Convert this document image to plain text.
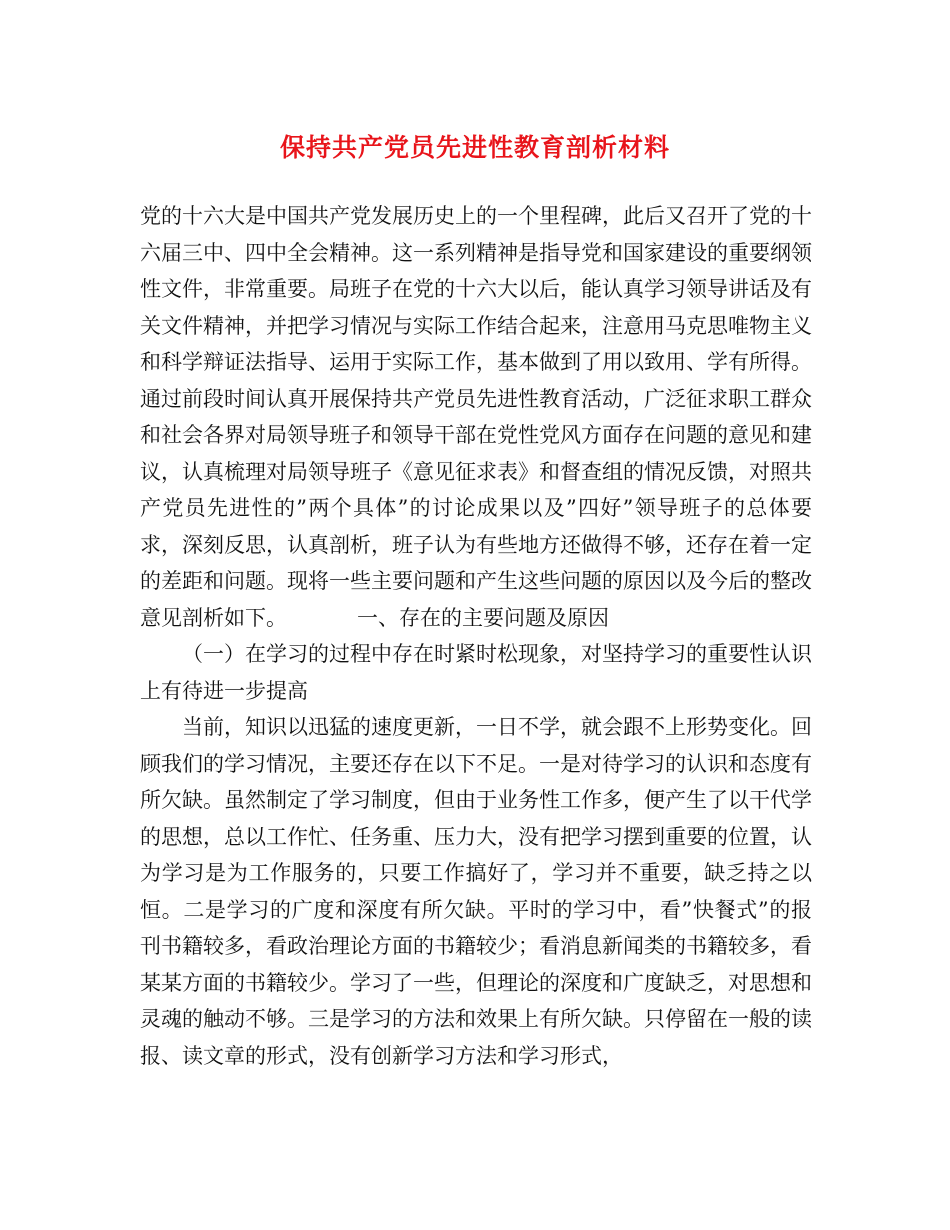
保持共产党员先进性教育剖析材料

党的十六大是中国共产党发展历史上的一个里程碑，此后又召开了党的十六届三中、四中全会精神。这一系列精神是指导党和国家建设的重要纲领性文件，非常重要。局班子在党的十六大以后，能认真学习领导讲话及有关文件精神，并把学习情况与实际工作结合起来，注意用马克思唯物主义和科学辩证法指导、运用于实际工作，基本做到了用以致用、学有所得。通过前段时间认真开展保持共产党员先进性教育活动，广泛征求职工群众和社会各界对局领导班子和领导干部在党性党风方面存在问题的意见和建议，认真梳理对局领导班子《意见征求表》和督查组的情况反馈，对照共产党员先进性的”两个具体”的讨论成果以及”四好”领导班子的总体要求，深刻反思，认真剖析，班子认为有些地方还做得不够，还存在着一定的差距和问题。现将一些主要问题和产生这些问题的原因以及今后的整改意见剖析如下。	一、存在的主要问题及原因

（一）在学习的过程中存在时紧时松现象，对坚持学习的重要性认识上有待进一步提高

当前，知识以迅猛的速度更新，一日不学，就会跟不上形势变化。回顾我们的学习情况，主要还存在以下不足。一是对待学习的认识和态度有所欠缺。虽然制定了学习制度，但由于业务性工作多，便产生了以干代学的思想，总以工作忙、任务重、压力大，没有把学习摆到重要的位置，认为学习是为工作服务的，只要工作搞好了，学习并不重要，缺乏持之以恒。二是学习的广度和深度有所欠缺。平时的学习中，看”快餐式”的报刊书籍较多，看政治理论方面的书籍较少；看消息新闻类的书籍较多，看某某方面的书籍较少。学习了一些，但理论的深度和广度缺乏，对思想和灵魂的触动不够。三是学习的方法和效果上有所欠缺。只停留在一般的读报、读文章的形式，没有创新学习方法和学习形式，
